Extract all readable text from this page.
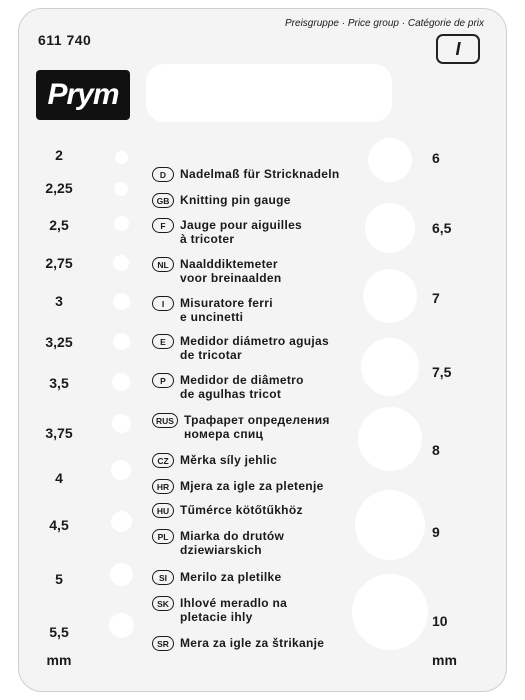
611 740
Preisgruppe · Price group · Catégorie de prix
I
Prym
2
2,25
2,5
2,75
3
3,25
3,5
3,75
4
4,5
5
5,5
6
6,5
7
7,5
8
9
10
mm	mm
D	Nadelmaß für Stricknadeln
GB Knitting pin gauge
F	Jauge pour aiguilles
à tricoter
NL Naalddiktemeter
voor breinaalden
I	Misuratore ferri
e uncinetti
E	Medidor diámetro agujas
de tricotar
P	Medidor de diâmetro
de agulhas tricot
RUS Трафарет определения
номера спиц
CZ Měrka síly jehlic
HR Mjera za igle za pletenje
HU Tűmérce kötőtűkhöz
PL Miarka do drutów
dziewiarskich
SI	Merilo za pletilke
SK Ihlové meradlo na
pletacie ihly
SR Mera za igle za štrikanje
